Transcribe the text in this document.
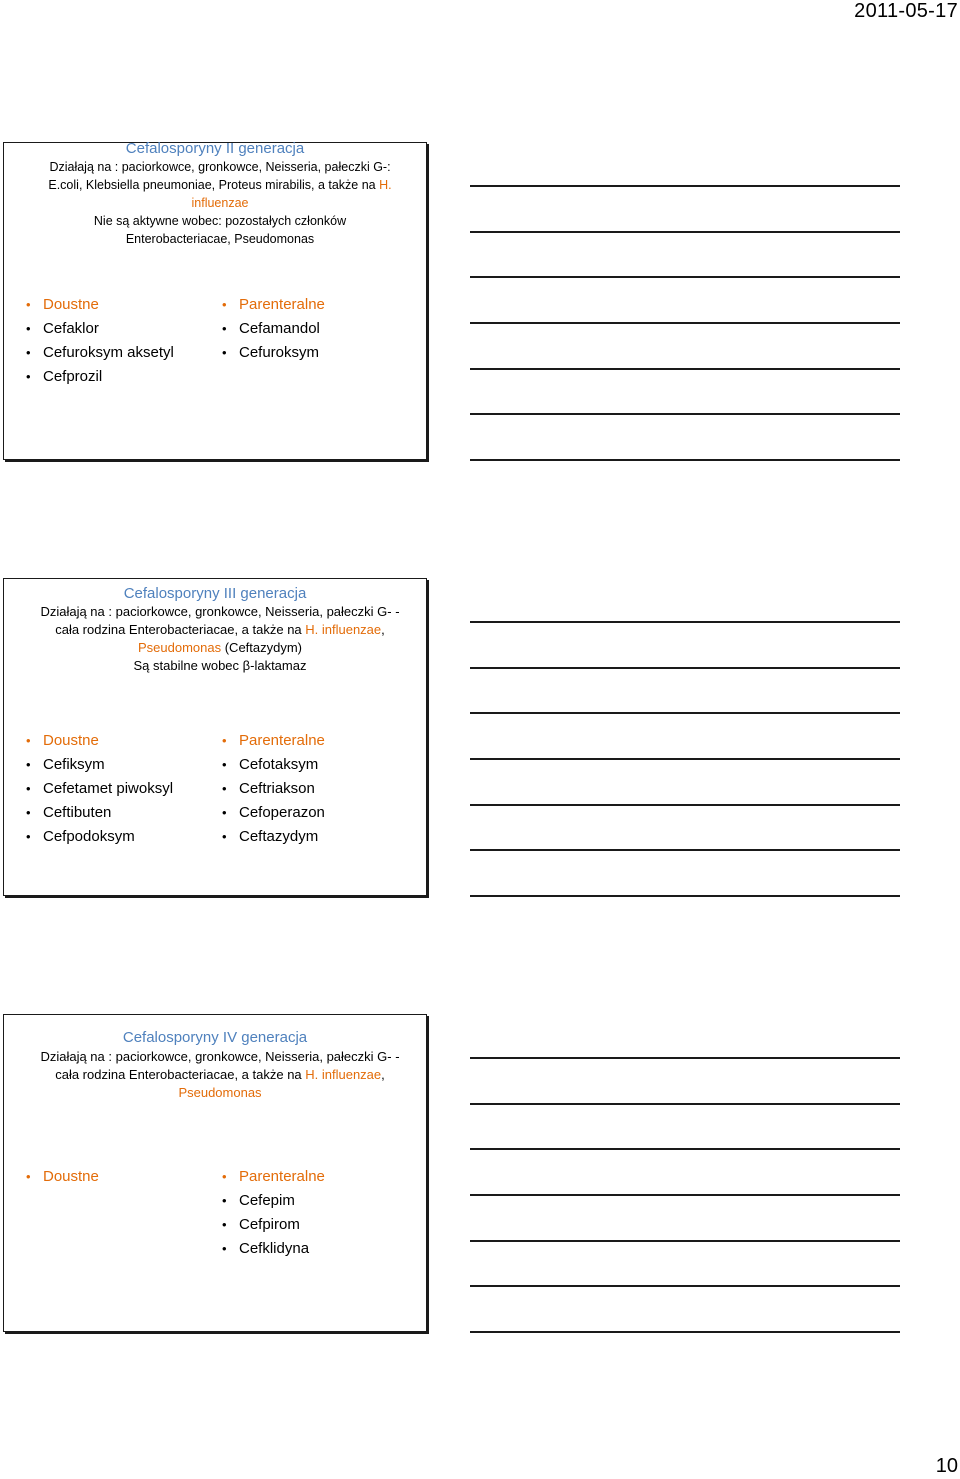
2011-05-17
Cefalosporyny II generacja
Działają na : paciorkowce, gronkowce, Neisseria, pałeczki G-:
E.coli, Klebsiella pneumoniae, Proteus mirabilis, a także na H.
influenzae
Nie są aktywne wobec: pozostałych członków
Enterobacteriacae, Pseudomonas
• Doustne
• Cefaklor
• Cefuroksym aksetyl
• Cefprozil
• Parenteralne
• Cefamandol
• Cefuroksym
Cefalosporyny III generacja
Działają na : paciorkowce, gronkowce, Neisseria, pałeczki G- -
cała rodzina Enterobacteriacae, a także na H. influenzae,
Pseudomonas (Ceftazydym)
Są stabilne wobec β-laktamaz
• Doustne
• Cefiksym
• Cefetamet piwoksyl
• Ceftibuten
• Cefpodoksym
• Parenteralne
• Cefotaksym
• Ceftriakson
• Cefoperazon
• Ceftazydym
Cefalosporyny IV generacja
Działają na : paciorkowce, gronkowce, Neisseria, pałeczki G- -
cała rodzina Enterobacteriacae, a także na H. influenzae,
Pseudomonas
• Doustne
•	Parenteralne
• Cefepim
• Cefpirom
• Cefklidyna
10
